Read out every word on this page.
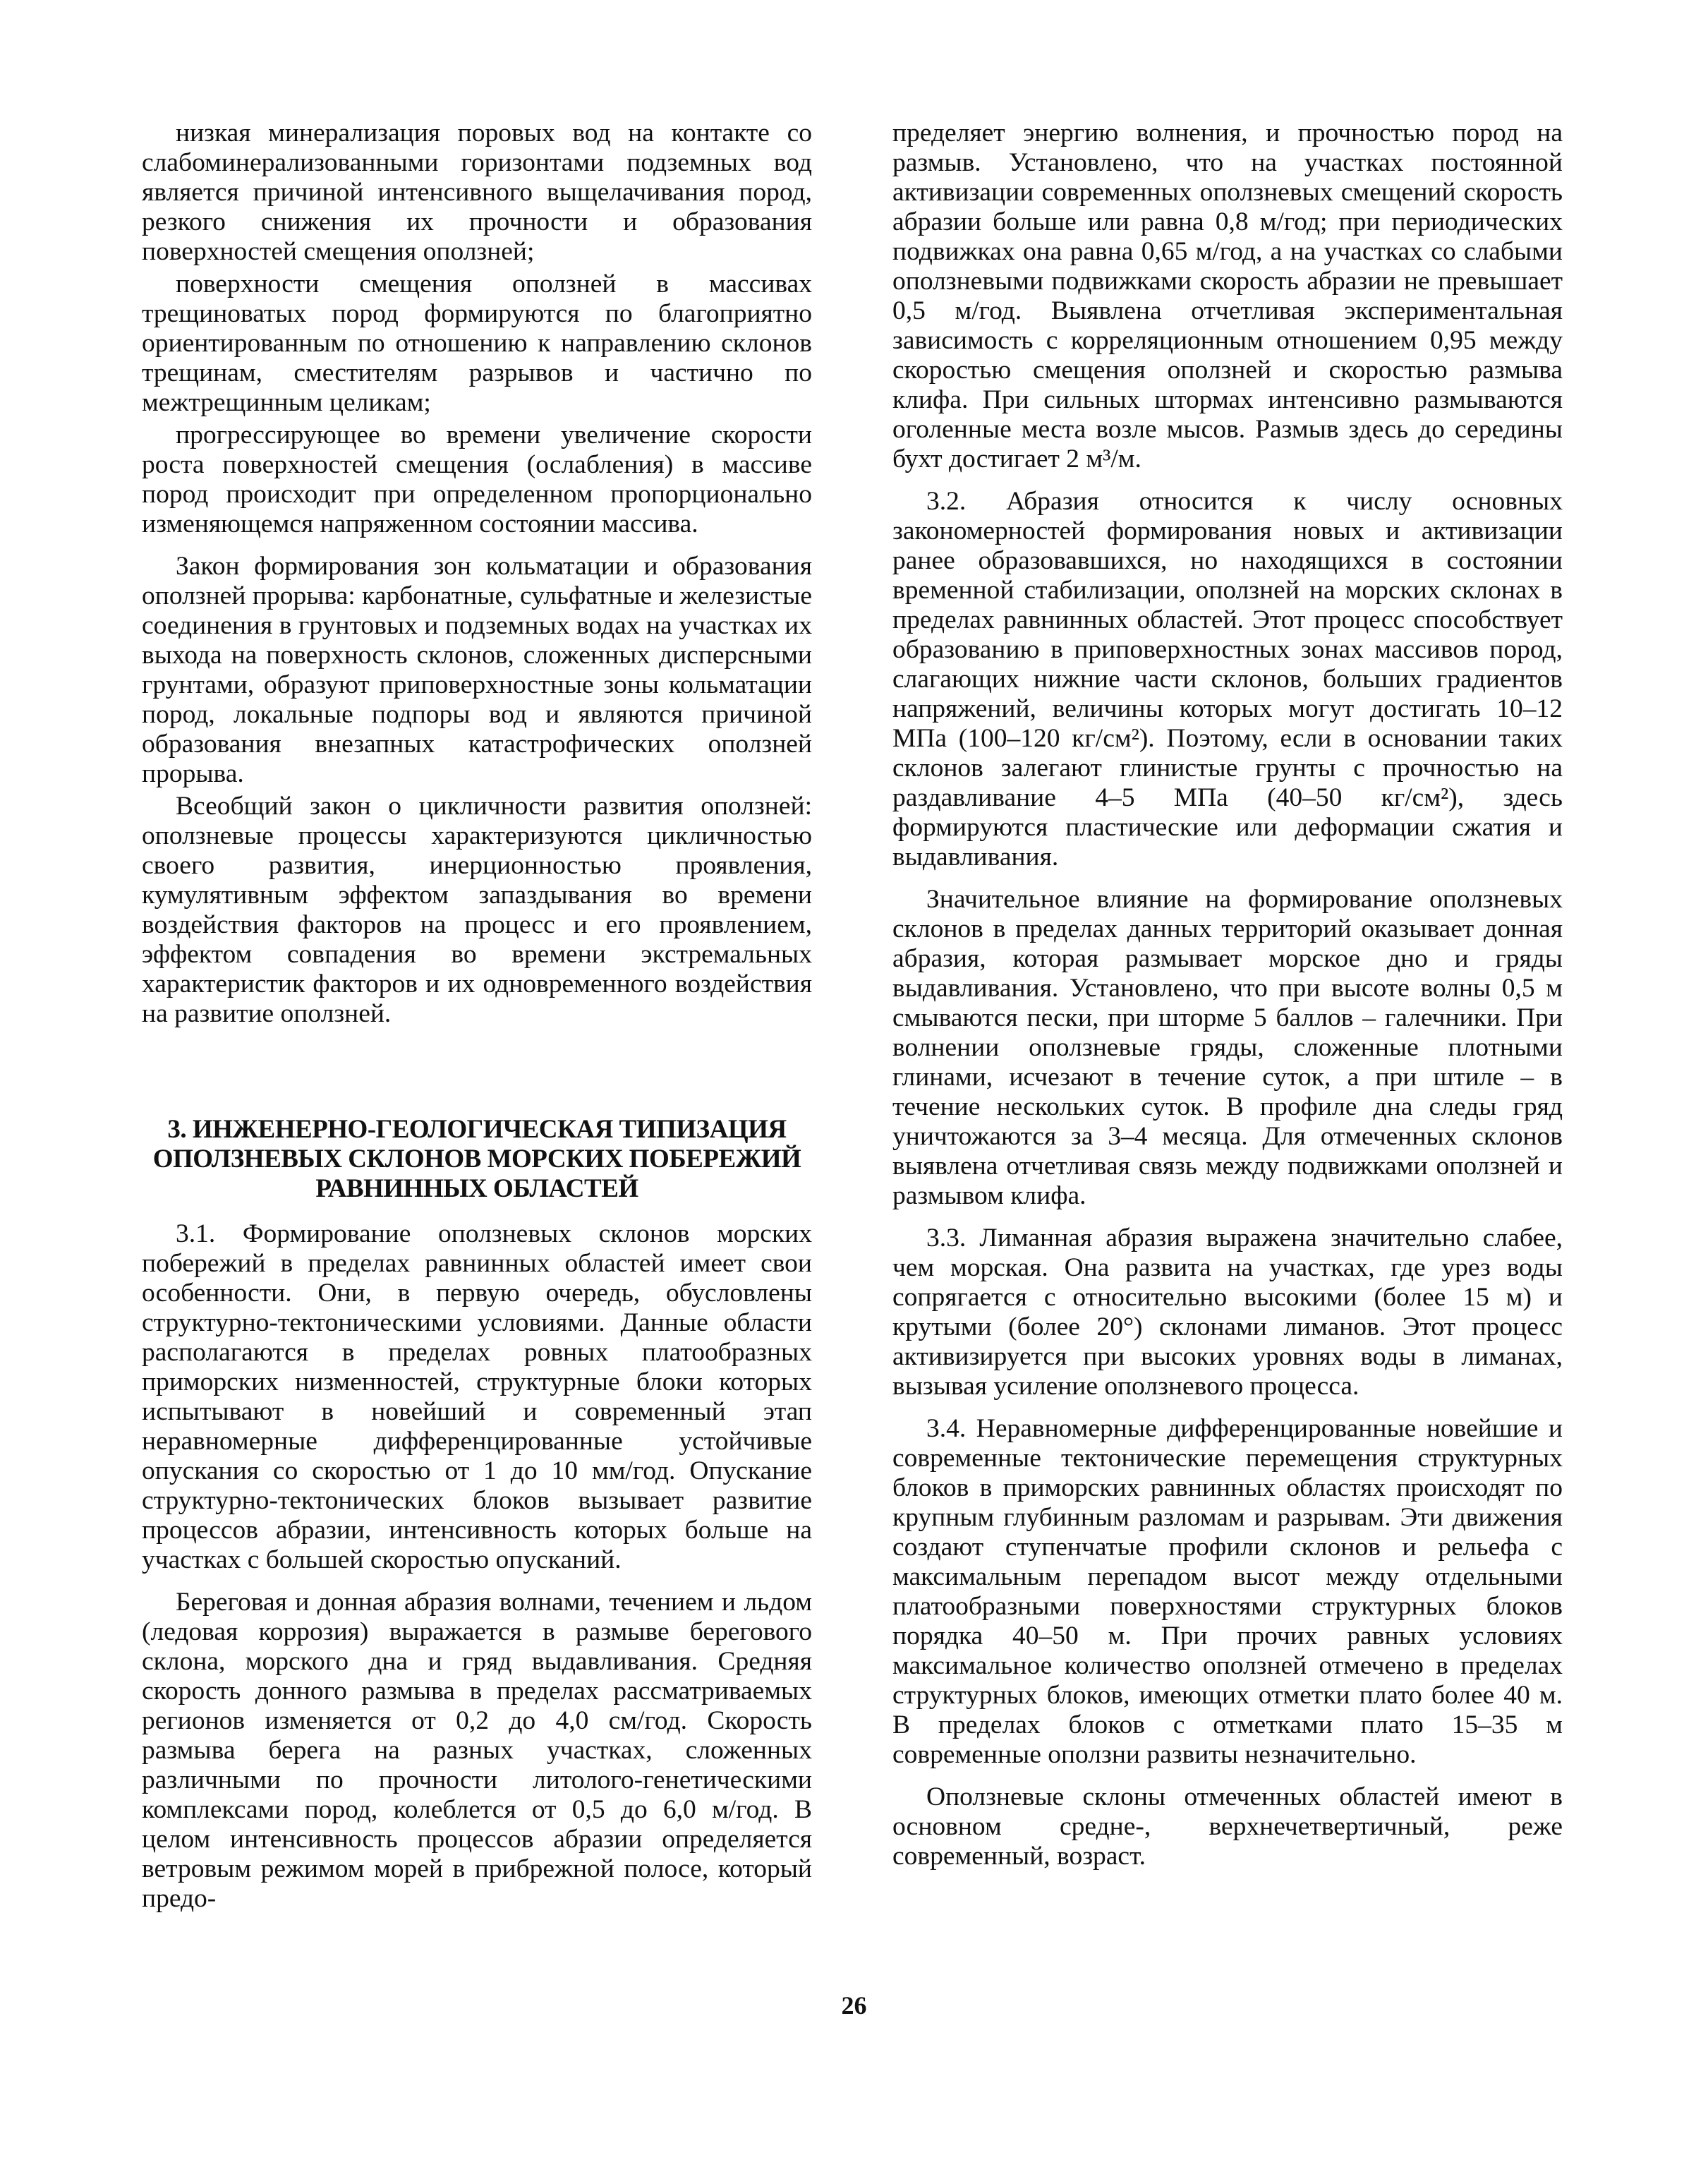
низкая минерализация поровых вод на контакте со слабоминерализованными горизонтами подземных вод является причиной интенсивного выщелачивания пород, резкого снижения их прочности и образования поверхностей смещения оползней;

поверхности смещения оползней в массивах трещиноватых пород формируются по благоприятно ориентированным по отношению к направлению склонов трещинам, сместителям разрывов и частично по межтрещинным целикам;

прогрессирующее во времени увеличение скорости роста поверхностей смещения (ослабления) в массиве пород происходит при определенном пропорционально изменяющемся напряженном состоянии массива.

Закон формирования зон кольматации и образования оползней прорыва: карбонатные, сульфатные и железистые соединения в грунтовых и подземных водах на участках их выхода на поверхность склонов, сложенных дисперсными грунтами, образуют приповерхностные зоны кольматации пород, локальные подпоры вод и являются причиной образования внезапных катастрофических оползней прорыва.

Всеобщий закон о цикличности развития оползней: оползневые процессы характеризуются цикличностью своего развития, инерционностью проявления, кумулятивным эффектом запаздывания во времени воздействия факторов на процесс и его проявлением, эффектом совпадения во времени экстремальных характеристик факторов и их одновременного воздействия на развитие оползней.

3. ИНЖЕНЕРНО-ГЕОЛОГИЧЕСКАЯ ТИПИЗАЦИЯ
ОПОЛЗНЕВЫХ СКЛОНОВ МОРСКИХ ПОБЕРЕЖИЙ
РАВНИННЫХ ОБЛАСТЕЙ

3.1. Формирование оползневых склонов морских побережий в пределах равнинных областей имеет свои особенности. Они, в первую очередь, обусловлены структурно-тектоническими условиями. Данные области располагаются в пределах ровных платообразных приморских низменностей, структурные блоки которых испытывают в новейший и современный этап неравномерные дифференцированные устойчивые опускания со скоростью от 1 до 10 мм/год. Опускание структурно-тектонических блоков вызывает развитие процессов абразии, интенсивность которых больше на участках с большей скоростью опусканий.

Береговая и донная абразия волнами, течением и льдом (ледовая коррозия) выражается в размыве берегового склона, морского дна и гряд выдавливания. Средняя скорость донного размыва в пределах рассматриваемых регионов изменяется от 0,2 до 4,0 см/год. Скорость размыва берега на разных участках, сложенных различными по прочности литолого-генетическими комплексами пород, колеблется от 0,5 до 6,0 м/год. В целом интенсивность процессов абразии определяется ветровым режимом морей в прибрежной полосе, который предо-

пределяет энергию волнения, и прочностью пород на размыв. Установлено, что на участках постоянной активизации современных оползневых смещений скорость абразии больше или равна 0,8 м/год; при периодических подвижках она равна 0,65 м/год, а на участках со слабыми оползневыми подвижками скорость абразии не превышает 0,5 м/год. Выявлена отчетливая экспериментальная зависимость с корреляционным отношением 0,95 между скоростью смещения оползней и скоростью размыва клифа. При сильных штормах интенсивно размываются оголенные места возле мысов. Размыв здесь до середины бухт достигает 2 м³/м.

3.2. Абразия относится к числу основных закономерностей формирования новых и активизации ранее образовавшихся, но находящихся в состоянии временной стабилизации, оползней на морских склонах в пределах равнинных областей. Этот процесс способствует образованию в приповерхностных зонах массивов пород, слагающих нижние части склонов, больших градиентов напряжений, величины которых могут достигать 10–12 МПа (100–120 кг/см²). Поэтому, если в основании таких склонов залегают глинистые грунты с прочностью на раздавливание 4–5 МПа (40–50 кг/см²), здесь формируются пластические или деформации сжатия и выдавливания.

Значительное влияние на формирование оползневых склонов в пределах данных территорий оказывает донная абразия, которая размывает морское дно и гряды выдавливания. Установлено, что при высоте волны 0,5 м смываются пески, при шторме 5 баллов – галечники. При волнении оползневые гряды, сложенные плотными глинами, исчезают в течение суток, а при штиле – в течение нескольких суток. В профиле дна следы гряд уничтожаются за 3–4 месяца. Для отмеченных склонов выявлена отчетливая связь между подвижками оползней и размывом клифа.

3.3. Лиманная абразия выражена значительно слабее, чем морская. Она развита на участках, где урез воды сопрягается с относительно высокими (более 15 м) и крутыми (более 20°) склонами лиманов. Этот процесс активизируется при высоких уровнях воды в лиманах, вызывая усиление оползневого процесса.

3.4. Неравномерные дифференцированные новейшие и современные тектонические перемещения структурных блоков в приморских равнинных областях происходят по крупным глубинным разломам и разрывам. Эти движения создают ступенчатые профили склонов и рельефа с максимальным перепадом высот между отдельными платообразными поверхностями структурных блоков порядка 40–50 м. При прочих равных условиях максимальное количество оползней отмечено в пределах структурных блоков, имеющих отметки плато более 40 м. В пределах блоков с отметками плато 15–35 м современные оползни развиты незначительно.

Оползневые склоны отмеченных областей имеют в основном средне-, верхнечетвертичный, реже современный, возраст.

26
